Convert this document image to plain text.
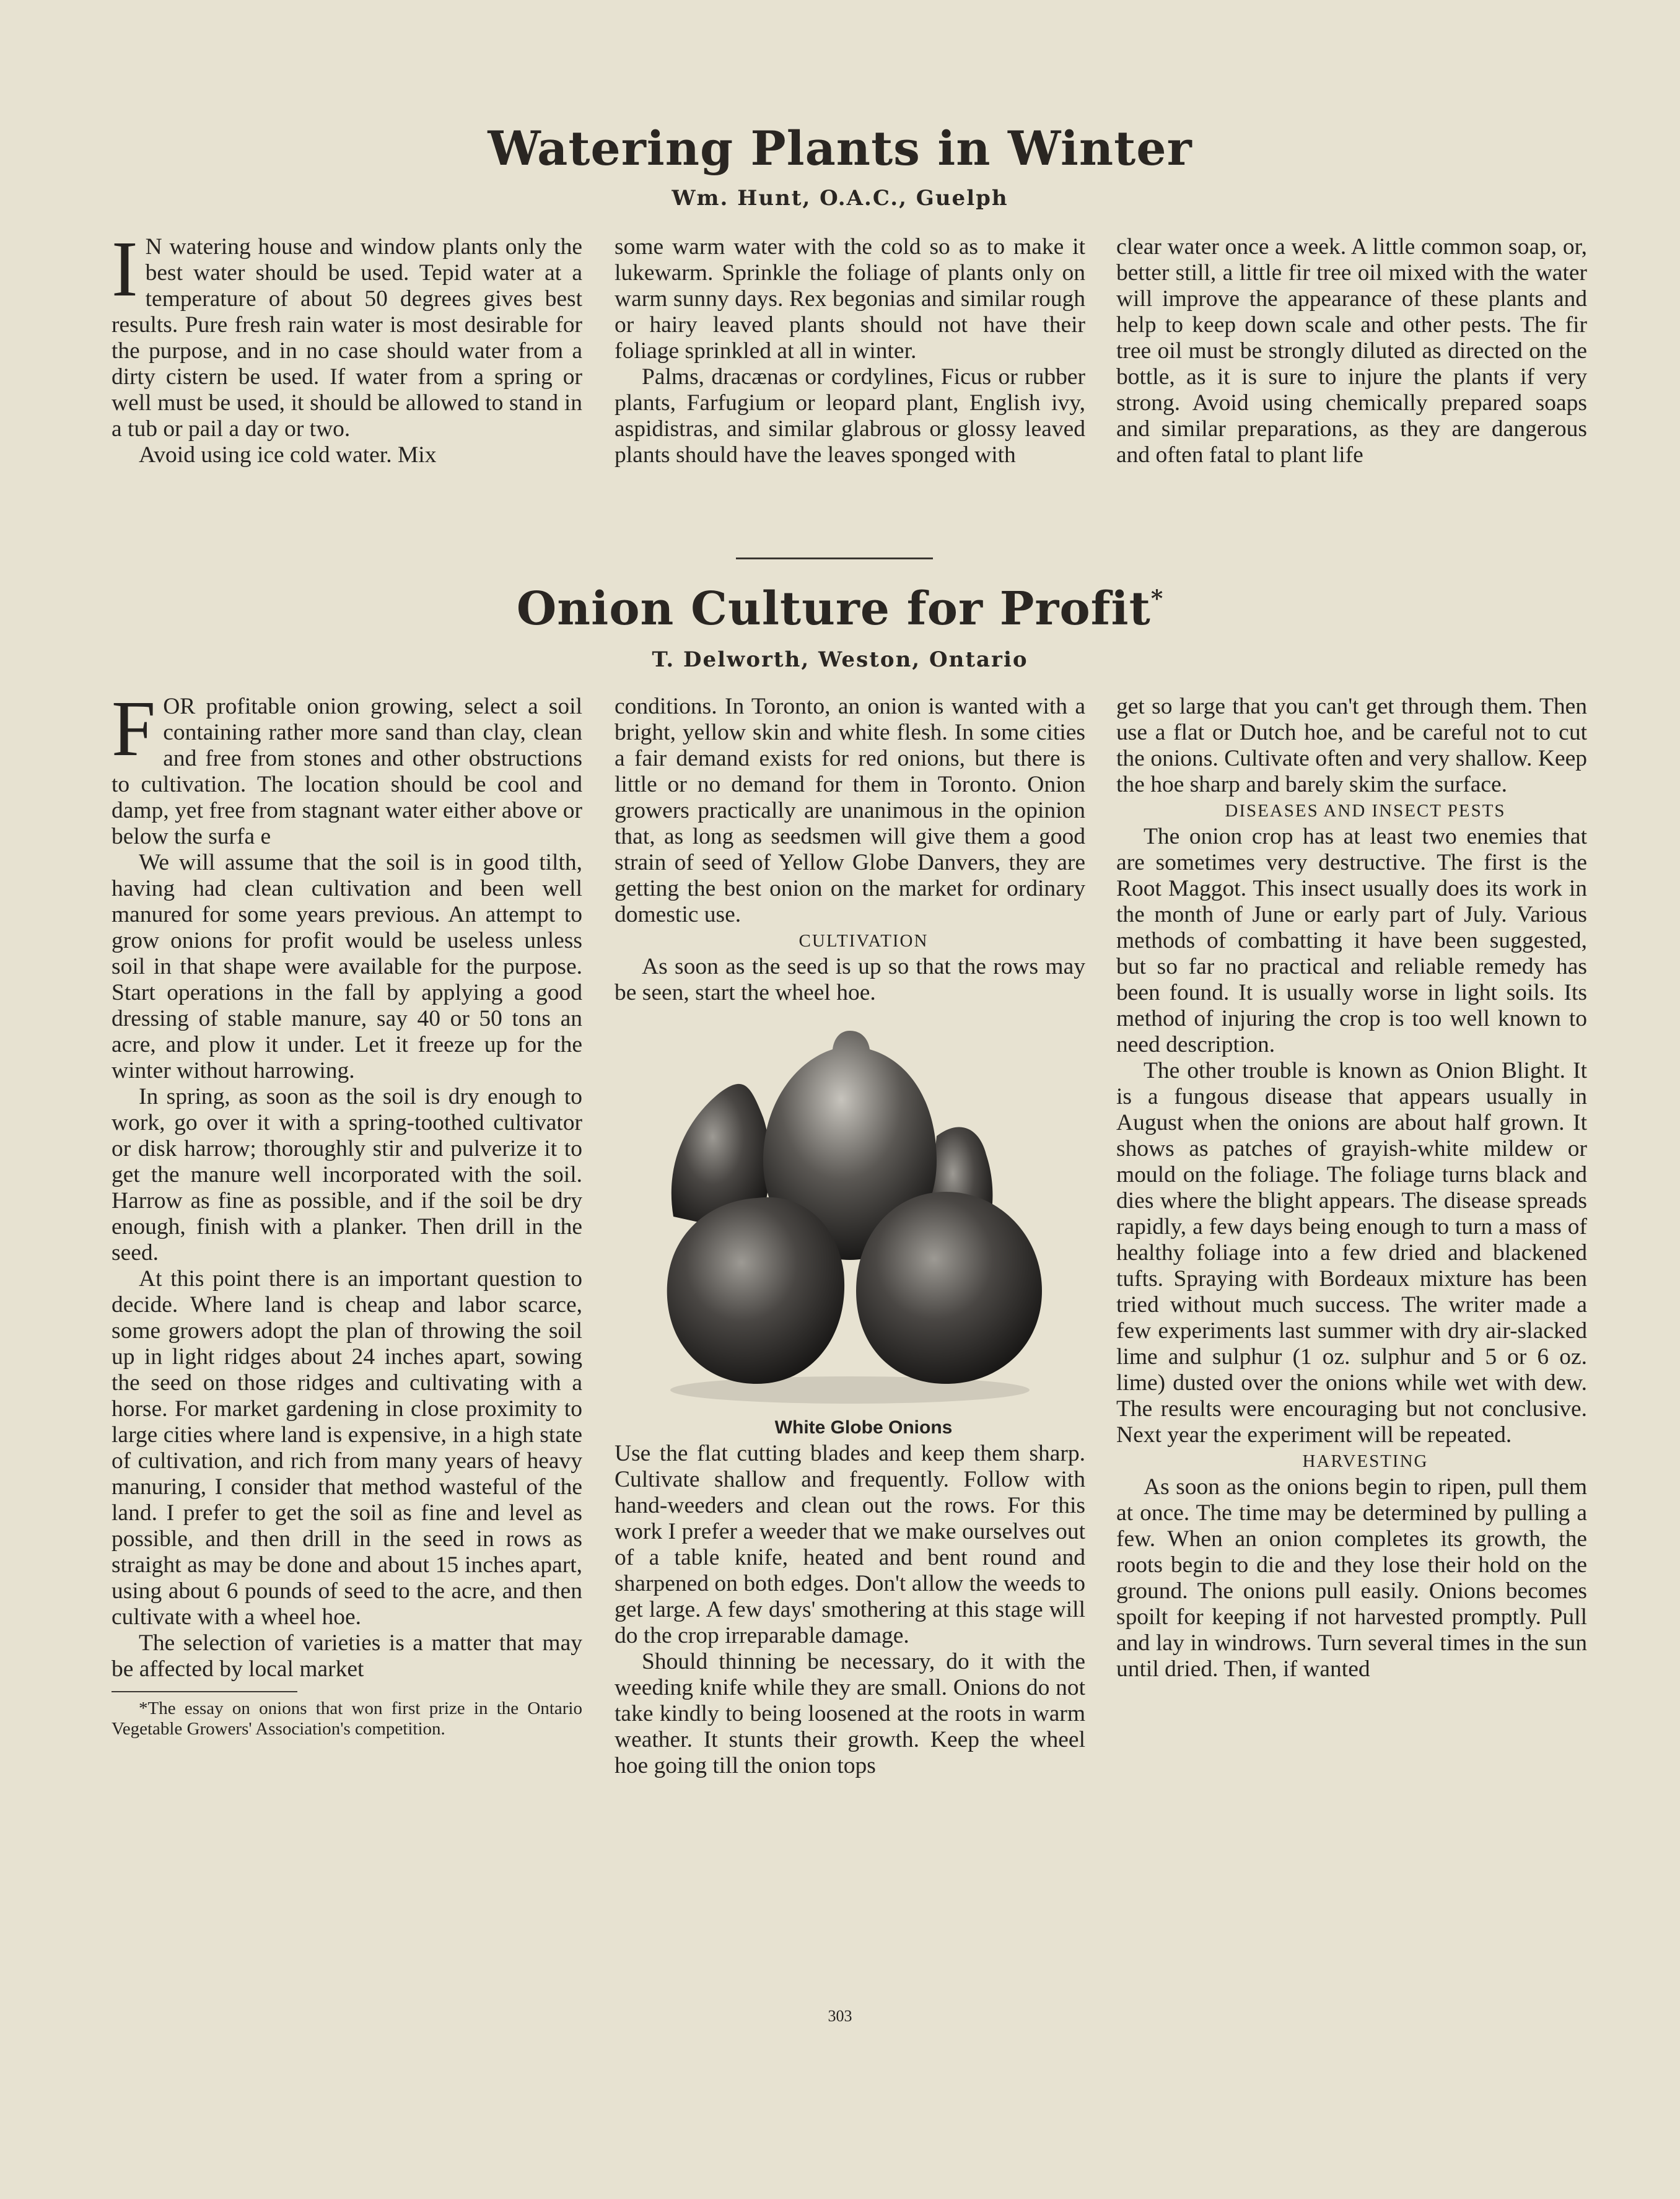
Watering Plants in Winter
Wm. Hunt, O.A.C., Guelph

I N watering house and window plants only the best water should be used. Tepid water at a temperature of about 50 degrees gives best results. Pure fresh rain water is most desirable for the purpose, and in no case should water from a dirty cistern be used. If water from a spring or well must be used, it should be allowed to stand in a tub or pail a day or two.

Avoid using ice cold water. Mix

some warm water with the cold so as to make it lukewarm. Sprinkle the foliage of plants only on warm sunny days. Rex begonias and similar rough or hairy leaved plants should not have their foliage sprinkled at all in winter.

Palms, dracænas or cordylines, Ficus or rubber plants, Farfugium or leopard plant, English ivy, aspidistras, and similar glabrous or glossy leaved plants should have the leaves sponged with

clear water once a week. A little common soap, or, better still, a little fir tree oil mixed with the water will improve the appearance of these plants and help to keep down scale and other pests. The fir tree oil must be strongly diluted as directed on the bottle, as it is sure to injure the plants if very strong. Avoid using chemically prepared soaps and similar preparations, as they are dangerous and often fatal to plant life

Onion Culture for Profit*
T. Delworth, Weston, Ontario

FOR profitable onion growing, select a soil containing rather more sand than clay, clean and free from stones and other obstructions to cultivation. The location should be cool and damp, yet free from stagnant water either above or below the surfa e

We will assume that the soil is in good tilth, having had clean cultivation and been well manured for some years previous. An attempt to grow onions for profit would be useless unless soil in that shape were available for the purpose. Start operations in the fall by applying a good dressing of stable manure, say 40 or 50 tons an acre, and plow it under. Let it freeze up for the winter without harrowing.

In spring, as soon as the soil is dry enough to work, go over it with a spring-toothed cultivator or disk harrow; thoroughly stir and pulverize it to get the manure well incorporated with the soil. Harrow as fine as possible, and if the soil be dry enough, finish with a planker. Then drill in the seed.

At this point there is an important question to decide. Where land is cheap and labor scarce, some growers adopt the plan of throwing the soil up in light ridges about 24 inches apart, sowing the seed on those ridges and cultivating with a horse. For market gardening in close proximity to large cities where land is expensive, in a high state of cultivation, and rich from many years of heavy manuring, I consider that method wasteful of the land. I prefer to get the soil as fine and level as possible, and then drill in the seed in rows as straight as may be done and about 15 inches apart, using about 6 pounds of seed to the acre, and then cultivate with a wheel hoe.

The selection of varieties is a matter that may be affected by local market

*The essay on onions that won first prize in the Ontario Vegetable Growers' Association's competition.

conditions. In Toronto, an onion is wanted with a bright, yellow skin and white flesh. In some cities a fair demand exists for red onions, but there is little or no demand for them in Toronto. Onion growers practically are unanimous in the opinion that, as long as seedsmen will give them a good strain of seed of Yellow Globe Danvers, they are getting the best onion on the market for ordinary domestic use.

CULTIVATION

As soon as the seed is up so that the rows may be seen, start the wheel hoe.

White Globe Onions

Use the flat cutting blades and keep them sharp. Cultivate shallow and frequently. Follow with hand-weeders and clean out the rows. For this work I prefer a weeder that we make ourselves out of a table knife, heated and bent round and sharpened on both edges. Don't allow the weeds to get large. A few days' smothering at this stage will do the crop irreparable damage.

Should thinning be necessary, do it with the weeding knife while they are small. Onions do not take kindly to being loosened at the roots in warm weather. It stunts their growth. Keep the wheel hoe going till the onion tops

get so large that you can't get through them. Then use a flat or Dutch hoe, and be careful not to cut the onions. Cultivate often and very shallow. Keep the hoe sharp and barely skim the surface.

DISEASES AND INSECT PESTS

The onion crop has at least two enemies that are sometimes very destructive. The first is the Root Maggot. This insect usually does its work in the month of June or early part of July. Various methods of combatting it have been suggested, but so far no practical and reliable remedy has been found. It is usually worse in light soils. Its method of injuring the crop is too well known to need description.

The other trouble is known as Onion Blight. It is a fungous disease that appears usually in August when the onions are about half grown. It shows as patches of grayish-white mildew or mould on the foliage. The foliage turns black and dies where the blight appears. The disease spreads rapidly, a few days being enough to turn a mass of healthy foliage into a few dried and blackened tufts. Spraying with Bordeaux mixture has been tried without much success. The writer made a few experiments last summer with dry air-slacked lime and sulphur (1 oz. sulphur and 5 or 6 oz. lime) dusted over the onions while wet with dew. The results were encouraging but not conclusive. Next year the experiment will be repeated.

HARVESTING

As soon as the onions begin to ripen, pull them at once. The time may be determined by pulling a few. When an onion completes its growth, the roots begin to die and they lose their hold on the ground. The onions pull easily. Onions becomes spoilt for keeping if not harvested promptly. Pull and lay in windrows. Turn several times in the sun until dried. Then, if wanted

303
